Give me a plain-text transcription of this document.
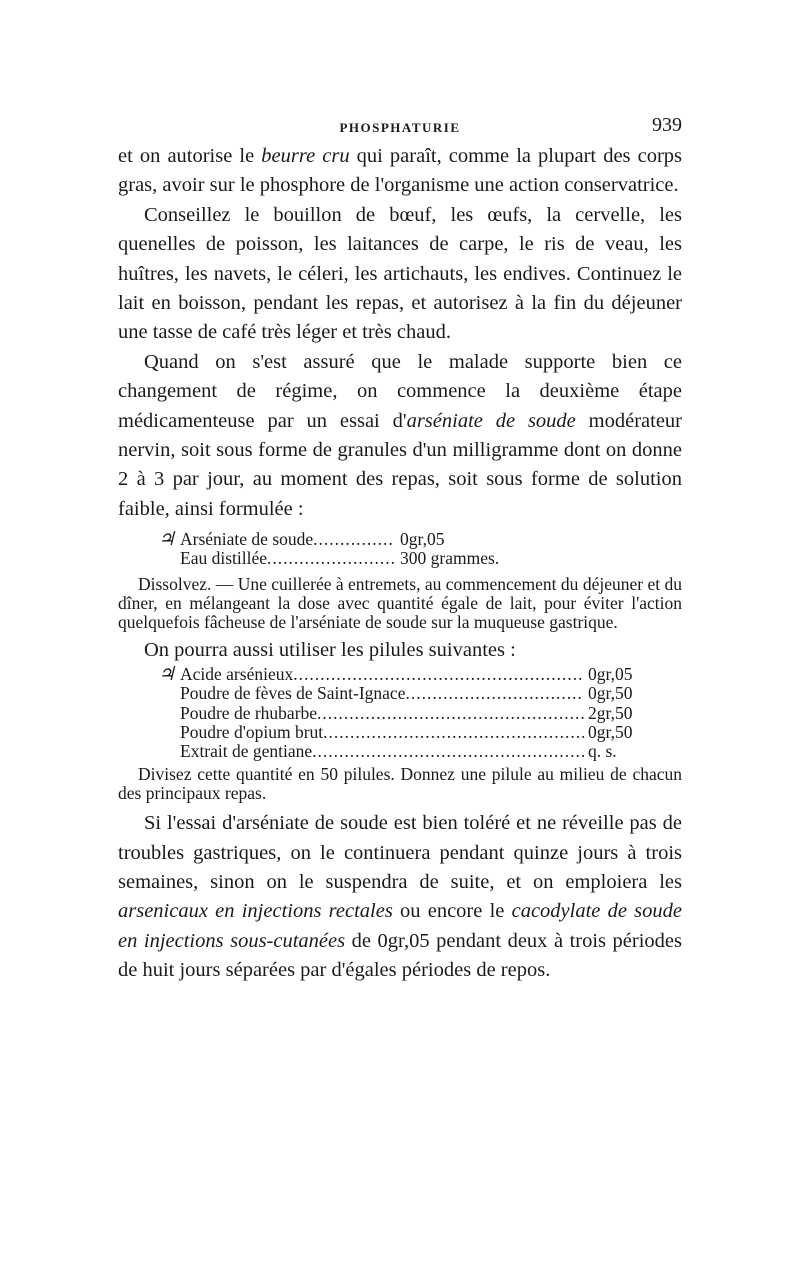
PHOSPHATURIE	939

et on autorise le beurre cru qui paraît, comme la plupart des corps gras, avoir sur le phosphore de l'organisme une action conservatrice.

Conseillez le bouillon de bœuf, les œufs, la cervelle, les quenelles de poisson, les laitances de carpe, le ris de veau, les huîtres, les navets, le céleri, les artichauts, les endives. Continuez le lait en boisson, pendant les repas, et autorisez à la fin du déjeuner une tasse de café très léger et très chaud.

Quand on s'est assuré que le malade supporte bien ce changement de régime, on commence la deuxième étape médicamenteuse par un essai d'arséniate de soude modérateur nervin, soit sous forme de granules d'un milligramme dont on donne 2 à 3 par jour, au moment des repas, soit sous forme de solution faible, ainsi formulée :

♃ Arséniate de soude .....	0gr,05
Eau distillée .....	300 grammes.

Dissolvez. — Une cuillerée à entremets, au commencement du déjeuner et du dîner, en mélangeant la dose avec quantité égale de lait, pour éviter l'action quelquefois fâcheuse de l'arséniate de soude sur la muqueuse gastrique.

On pourra aussi utiliser les pilules suivantes :

♃ Acide arsénieux .....	0gr,05
Poudre de fèves de Saint-Ignace .....	0gr,50
Poudre de rhubarbe .....	2gr,50
Poudre d'opium brut .....	0gr,50
Extrait de gentiane .....	q. s.

Divisez cette quantité en 50 pilules. Donnez une pilule au milieu de chacun des principaux repas.

Si l'essai d'arséniate de soude est bien toléré et ne réveille pas de troubles gastriques, on le continuera pendant quinze jours à trois semaines, sinon on le suspendra de suite, et on emploiera les arsenicaux en injections rectales ou encore le cacodylate de soude en injections sous-cutanées de 0gr,05 pendant deux à trois périodes de huit jours séparées par d'égales périodes de repos.
